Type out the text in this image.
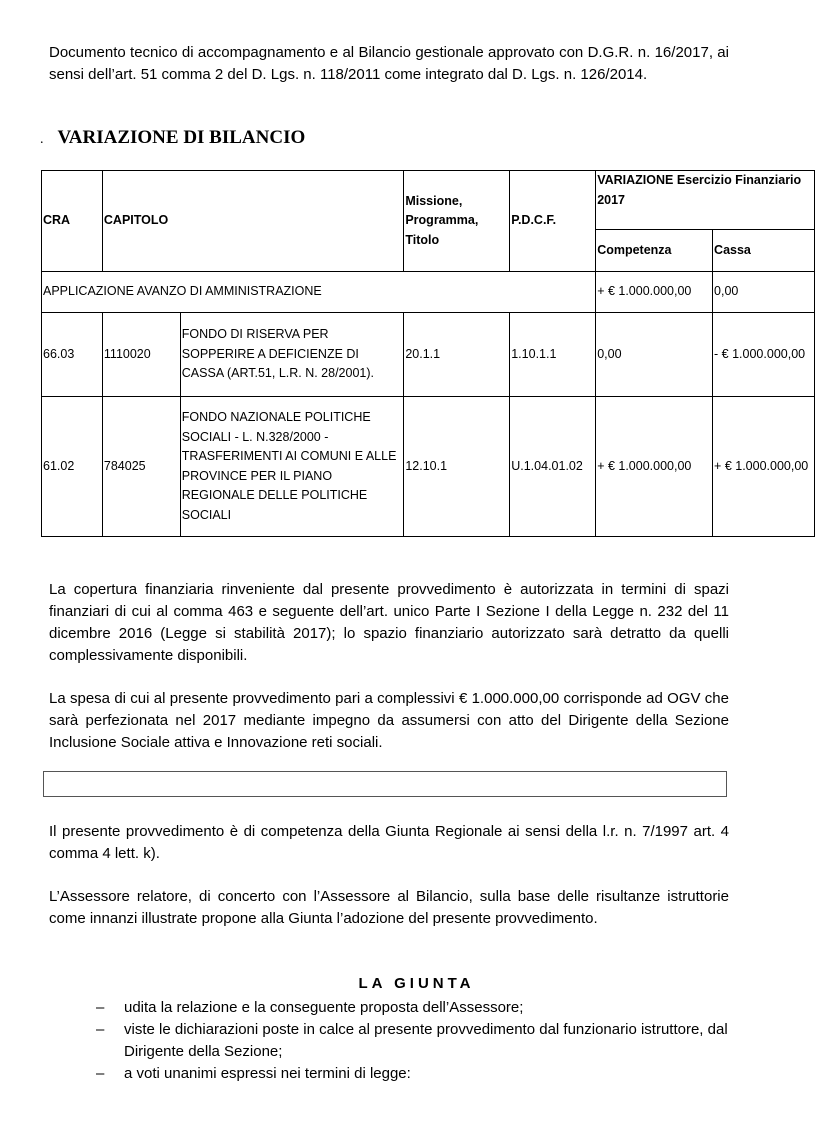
Documento tecnico di accompagnamento e al Bilancio gestionale approvato con D.G.R. n. 16/2017, ai sensi dell’art. 51 comma 2 del D. Lgs. n. 118/2011 come integrato dal D. Lgs. n. 126/2014.

. VARIAZIONE DI BILANCIO
CRA	CAPITOLO		Missione, Programma, Titolo	P.D.C.F.	VARIAZIONE Esercizio Finanziario 2017	
					Competenza	Cassa
APPLICAZIONE AVANZO DI AMMINISTRAZIONE					+ € 1.000.000,00	0,00
66.03	1110020	FONDO DI RISERVA PER SOPPERIRE A DEFICIENZE DI CASSA (ART.51, L.R. N. 28/2001).	20.1.1	1.10.1.1	0,00	- € 1.000.000,00
61.02	784025	FONDO NAZIONALE POLITICHE SOCIALI - L. N.328/2000 - TRASFERIMENTI AI COMUNI E ALLE PROVINCE PER IL PIANO REGIONALE DELLE POLITICHE SOCIALI	12.10.1	U.1.04.01.02	+ € 1.000.000,00	+ € 1.000.000,00

La copertura finanziaria rinveniente dal presente provvedimento è autorizzata in termini di spazi finanziari di cui al comma 463 e seguente dell’art. unico Parte I Sezione I della Legge n. 232 del 11 dicembre 2016 (Legge si stabilità 2017); lo spazio finanziario autorizzato sarà detratto da quelli complessivamente disponibili.

La spesa di cui al presente provvedimento pari a complessivi € 1.000.000,00 corrisponde ad OGV che sarà perfezionata nel 2017 mediante impegno da assumersi con atto del Dirigente della Sezione Inclusione Sociale attiva e Innovazione reti sociali.

Il presente provvedimento è di competenza della Giunta Regionale ai sensi della l.r. n. 7/1997 art. 4 comma 4 lett. k).

L’Assessore relatore, di concerto con l’Assessore al Bilancio, sulla base delle risultanze istruttorie come innanzi illustrate propone alla Giunta l’adozione del presente provvedimento.

LA GIUNTA
– udita la relazione e la conseguente proposta dell’Assessore;
– viste le dichiarazioni poste in calce al presente provvedimento dal funzionario istruttore, dal Dirigente della Sezione;
– a voti unanimi espressi nei termini di legge:
